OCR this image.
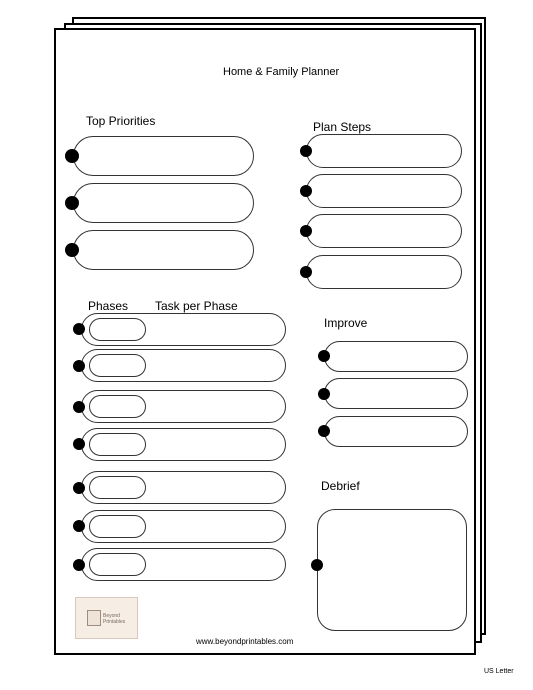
Home & Family Planner
Top Priorities	Plan Steps
Phases Task per Phase
Improve
Debrief
Beyond
Printables
www.beyondprintables.com
US Letter
